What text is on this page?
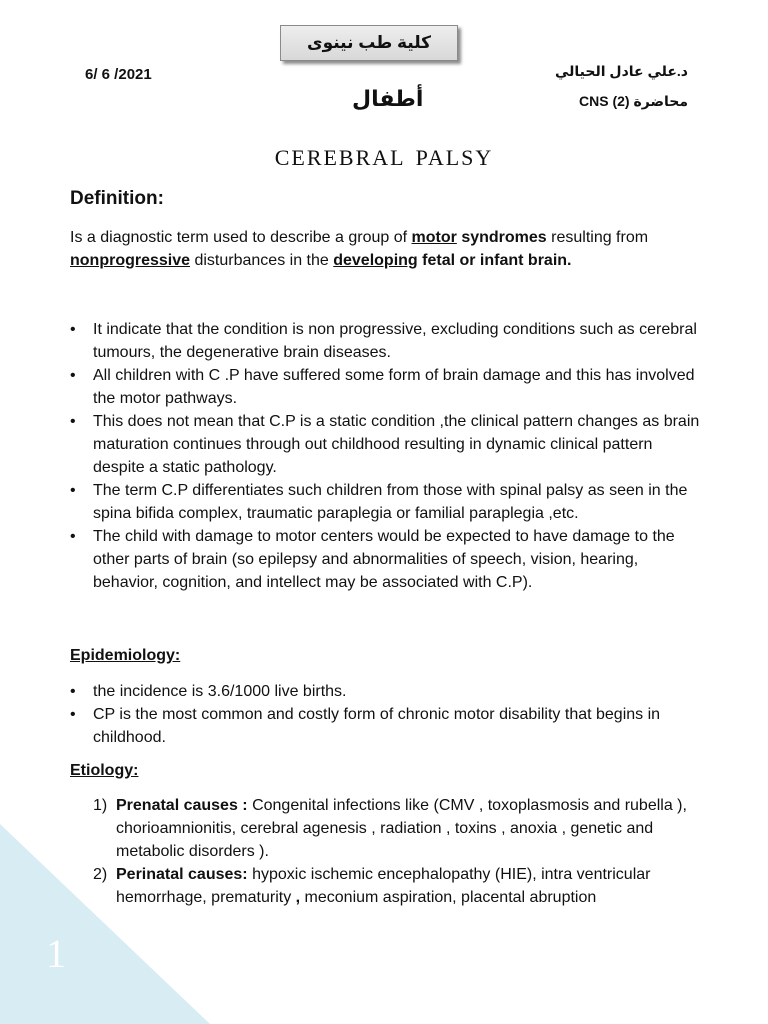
1
كلية طب نينوى
6/ 6 /2021	د.علي عادل الحيالي
محاضرة (2) CNS
أطفال
cerebral palsy
Definition:
Is a diagnostic term used to describe a group of motor syndromes resulting from nonprogressive disturbances in the developing fetal or infant brain.
• It indicate that the condition is non progressive, excluding conditions such as cerebral tumours, the degenerative brain diseases.
• All children with C .P have suffered some form of brain damage and this has involved the motor pathways.
• This does not mean that C.P is a static condition ,the clinical pattern changes as brain maturation continues through out childhood resulting in dynamic clinical pattern despite a static pathology.
• The term C.P differentiates such children from those with spinal palsy as seen in the spina bifida complex, traumatic paraplegia or familial paraplegia ,etc.
• The child with damage to motor centers would be expected to have damage to the other parts of brain (so epilepsy and abnormalities of speech, vision, hearing, behavior, cognition, and intellect may be associated with C.P).
Epidemiology:
• the incidence is 3.6/1000 live births.
• CP is the most common and costly form of chronic motor disability that begins in childhood.
Etiology:
1) Prenatal causes : Congenital infections like (CMV , toxoplasmosis and rubella ), chorioamnionitis, cerebral agenesis , radiation , toxins , anoxia , genetic and metabolic disorders ).
2) Perinatal causes: hypoxic ischemic encephalopathy (HIE), intra ventricular hemorrhage, prematurity , meconium aspiration, placental abruption
